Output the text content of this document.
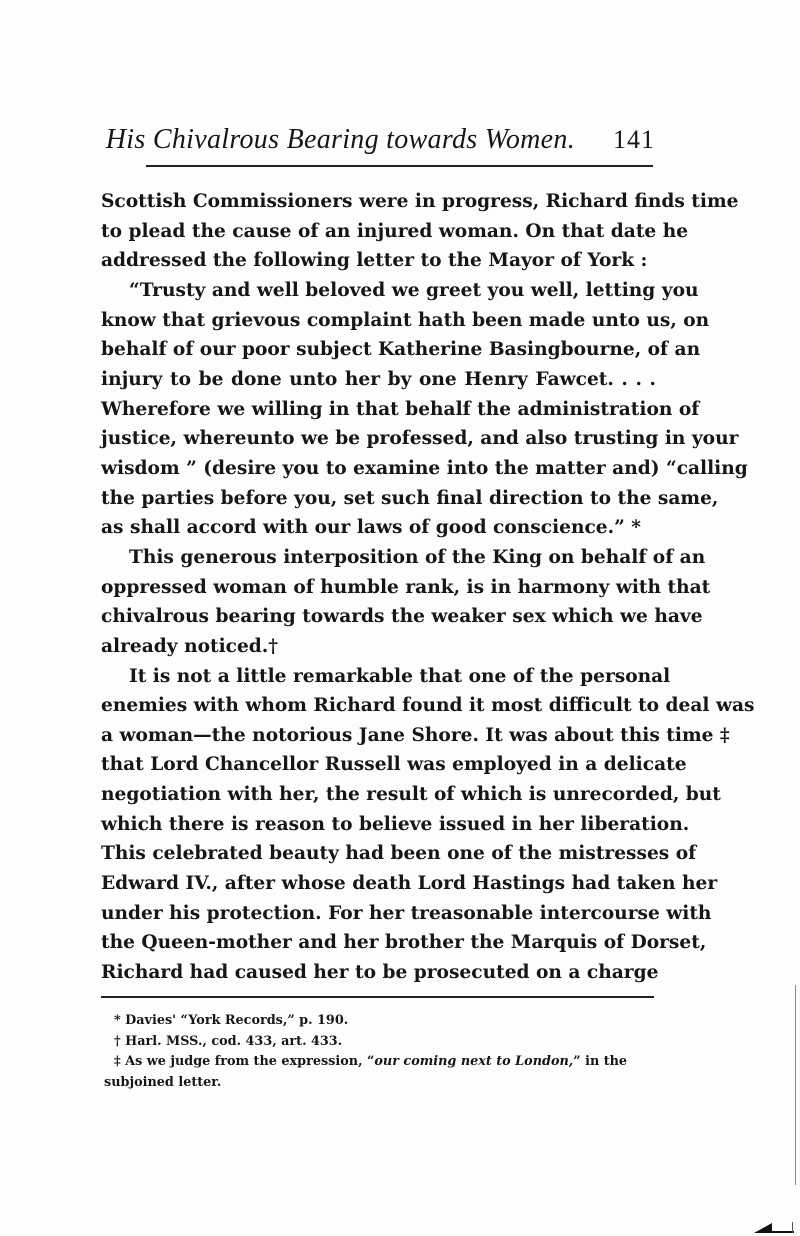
His Chivalrous Bearing towards Women. 141
Scottish Commissioners were in progress, Richard finds time
to plead the cause of an injured woman. On that date he
addressed the following letter to the Mayor of York :
“Trusty and well beloved we greet you well, letting you
know that grievous complaint hath been made unto us, on
behalf of our poor subject Katherine Basingbourne, of an
injury to be done unto her by one Henry Fawcet. . . .
Wherefore we willing in that behalf the administration of
justice, whereunto we be professed, and also trusting in your
wisdom ” (desire you to examine into the matter and) “calling
the parties before you, set such final direction to the same,
as shall accord with our laws of good conscience.” *
This generous interposition of the King on behalf of an
oppressed woman of humble rank, is in harmony with that
chivalrous bearing towards the weaker sex which we have
already noticed.†
It is not a little remarkable that one of the personal
enemies with whom Richard found it most difficult to deal was
a woman—the notorious Jane Shore. It was about this time ‡
that Lord Chancellor Russell was employed in a delicate
negotiation with her, the result of which is unrecorded, but
which there is reason to believe issued in her liberation.
This celebrated beauty had been one of the mistresses of
Edward IV., after whose death Lord Hastings had taken her
under his protection. For her treasonable intercourse with
the Queen-mother and her brother the Marquis of Dorset,
Richard had caused her to be prosecuted on a charge
* Davies' “York Records,” p. 190.
† Harl. MSS., cod. 433, art. 433.
‡ As we judge from the expression, “our coming next to London,” in the
subjoined letter.
